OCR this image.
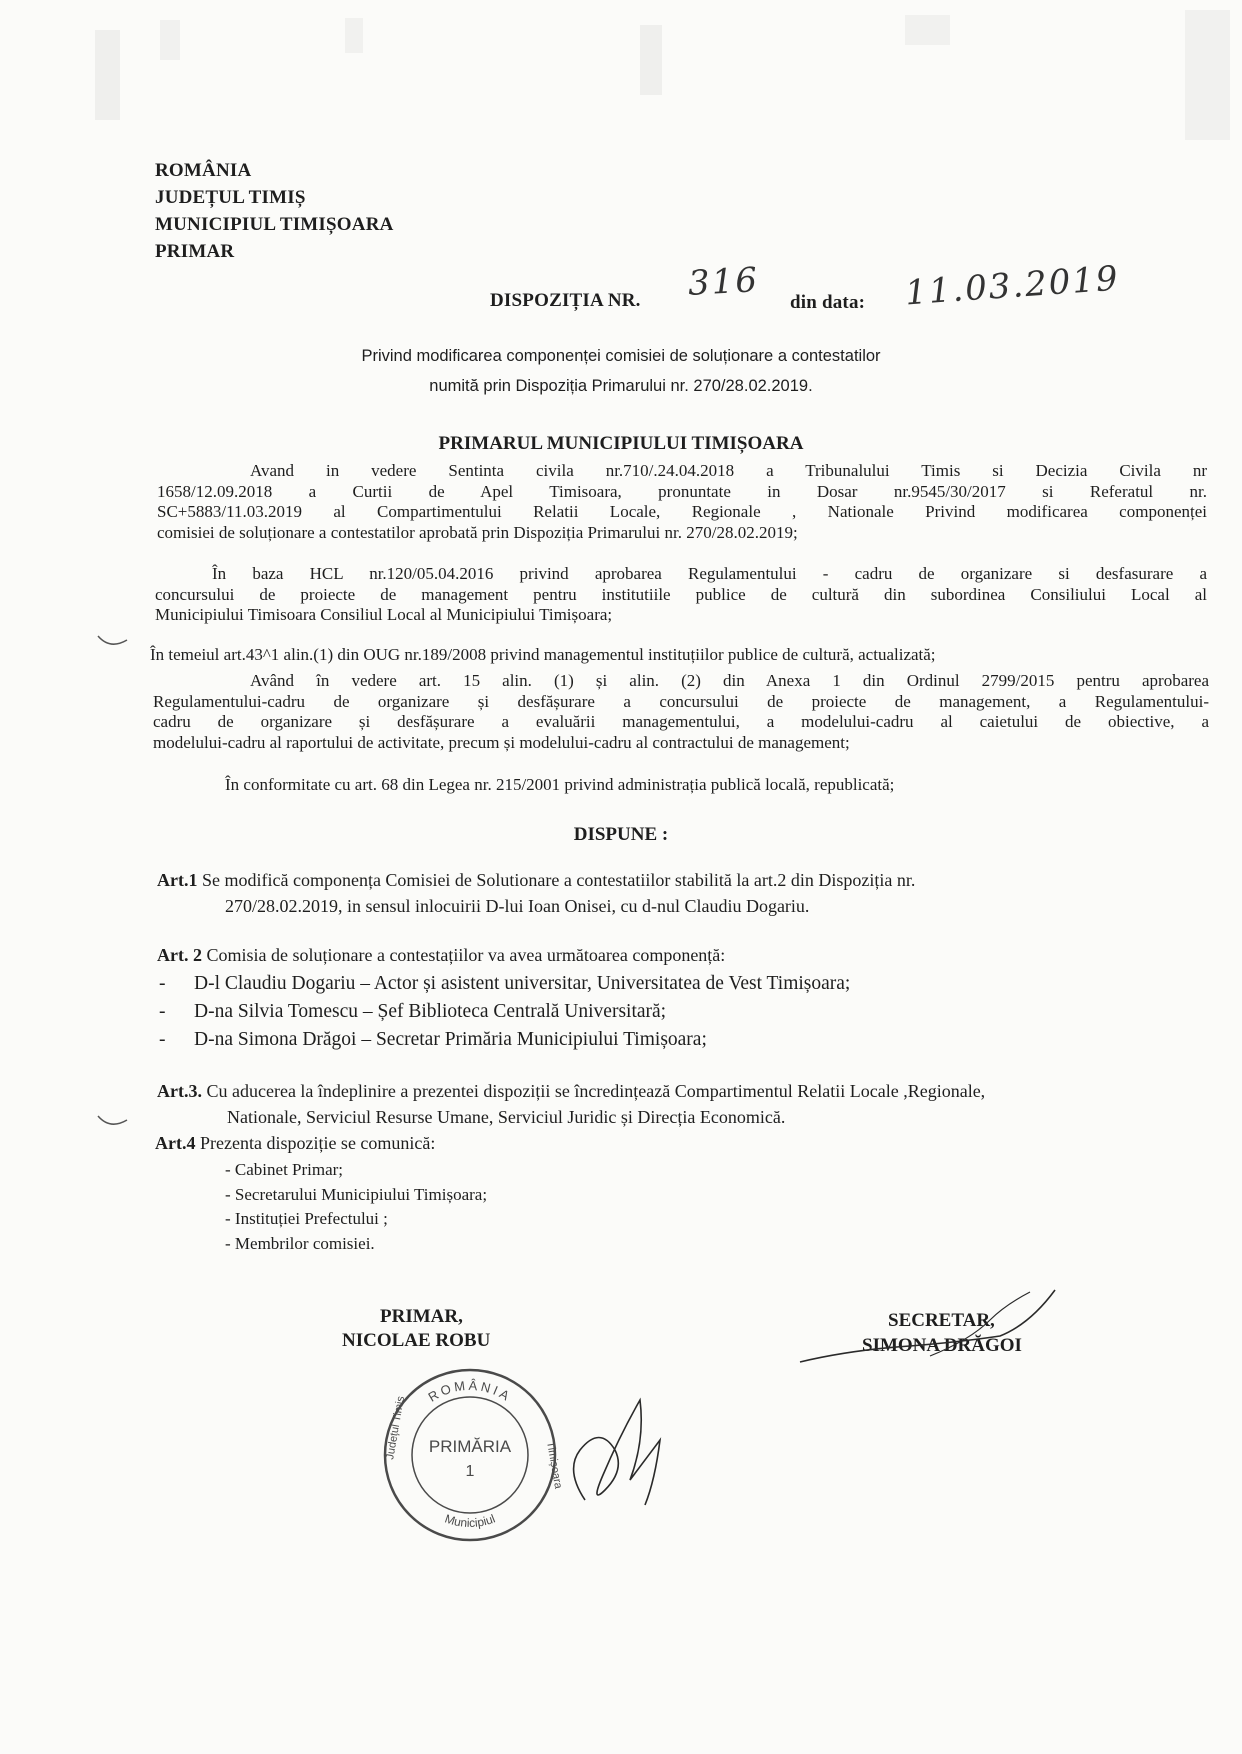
ROMÂNIA
JUDEȚUL TIMIȘ
MUNICIPIUL TIMIȘOARA
PRIMAR
DISPOZIȚIA NR. 316 din data: 11.03.2019
Privind modificarea componenței comisiei de soluționare a contestatilor
numită prin Dispoziția Primarului nr. 270/28.02.2019.
PRIMARUL MUNICIPIULUI TIMIȘOARA
Avand in vedere Sentinta civila nr.710/.24.04.2018 a Tribunalului Timis si Decizia Civila nr
1658/12.09.2018 a Curtii de Apel Timisoara, pronuntate in Dosar nr.9545/30/2017 si Referatul nr.
SC+5883/11.03.2019 al Compartimentului Relatii Locale, Regionale , Nationale Privind modificarea componenței
comisiei de soluționare a contestatilor aprobată prin Dispoziția Primarului nr. 270/28.02.2019;
În baza HCL nr.120/05.04.2016 privind aprobarea Regulamentului - cadru de organizare si desfasurare a
concursului de proiecte de management pentru institutiile publice de cultură din subordinea Consiliului Local al
Municipiului Timisoara Consiliul Local al Municipiului Timișoara;
În temeiul art.43^1 alin.(1) din OUG nr.189/2008 privind managementul instituțiilor publice de cultură, actualizată;
Având în vedere art. 15 alin. (1) și alin. (2) din Anexa 1 din Ordinul 2799/2015 pentru aprobarea
Regulamentului-cadru de organizare și desfășurare a concursului de proiecte de management, a Regulamentului-
cadru de organizare și desfășurare a evaluării managementului, a modelului-cadru al caietului de obiective, a
modelului-cadru al raportului de activitate, precum și modelului-cadru al contractului de management;
În conformitate cu art. 68 din Legea nr. 215/2001 privind administrația publică locală, republicată;
DISPUNE :
Art.1 Se modifică componența Comisiei de Solutionare a contestatiilor stabilită la art.2 din Dispoziția nr.
270/28.02.2019, in sensul inlocuirii D-lui Ioan Onisei, cu d-nul Claudiu Dogariu.
Art. 2 Comisia de soluționare a contestațiilor va avea următoarea componență:
- D-l Claudiu Dogariu – Actor și asistent universitar, Universitatea de Vest Timișoara;
- D-na Silvia Tomescu – Șef Biblioteca Centrală Universitară;
- D-na Simona Drăgoi – Secretar Primăria Municipiului Timișoara;
Art.3. Cu aducerea la îndeplinire a prezentei dispoziții se încredințează Compartimentul Relatii Locale ,Regionale,
Nationale, Serviciul Resurse Umane, Serviciul Juridic și Direcția Economică.
Art.4 Prezenta dispoziție se comunică:
- Cabinet Primar;
- Secretarului Municipiului Timișoara;
- Instituției Prefectului ;
- Membrilor comisiei.
PRIMAR,
NICOLAE ROBU
SECRETAR,
SIMONA DRĂGOI
ROMÂNIA
Municipiul
Județul Timiș
Timișoara
PRIMĂRIA
1
